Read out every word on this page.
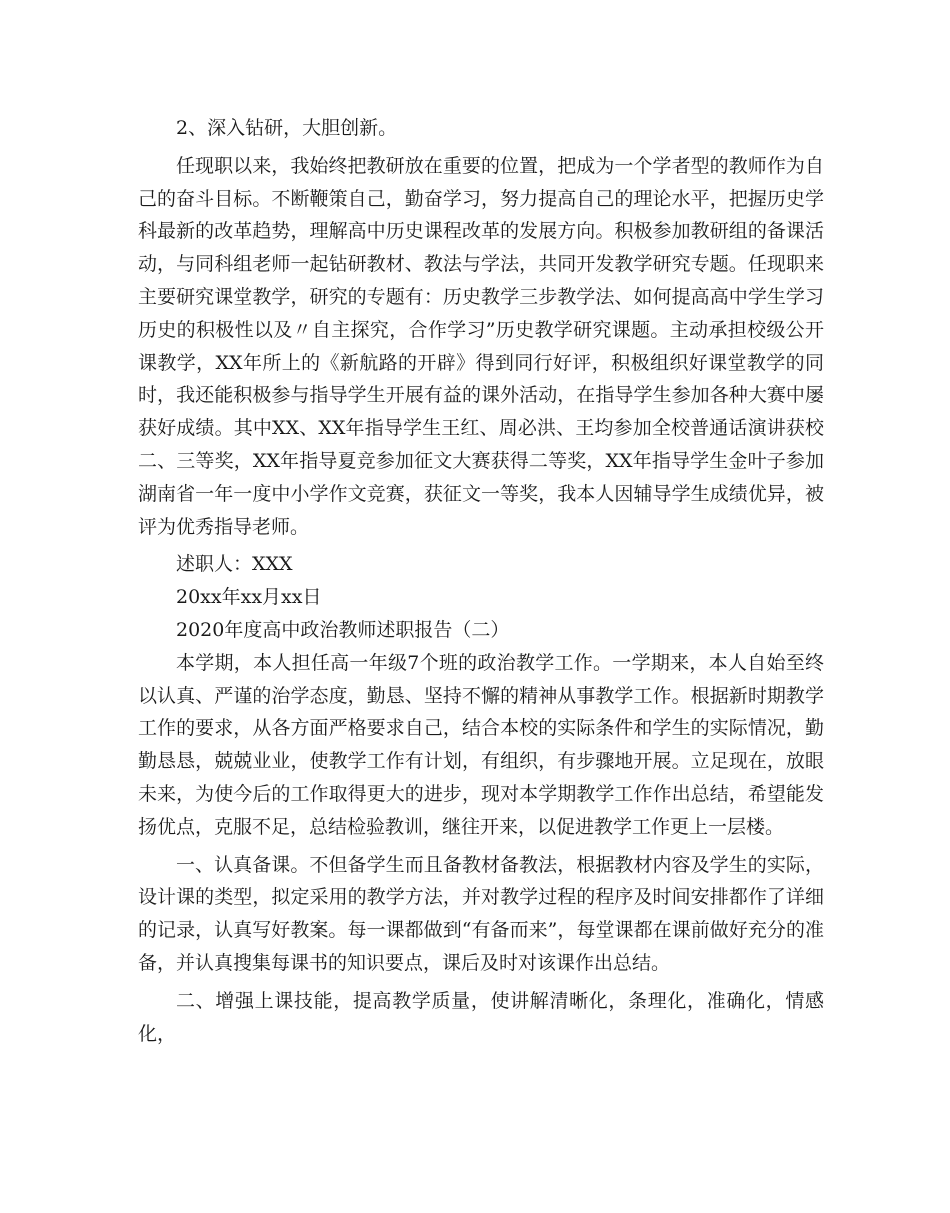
2、深入钻研，大胆创新。

任现职以来，我始终把教研放在重要的位置，把成为一个学者型的教师作为自己的奋斗目标。不断鞭策自己，勤奋学习，努力提高自己的理论水平，把握历史学科最新的改革趋势，理解高中历史课程改革的发展方向。积极参加教研组的备课活动，与同科组老师一起钻研教材、教法与学法，共同开发教学研究专题。任现职来主要研究课堂教学，研究的专题有：历史教学三步教学法、如何提高高中学生学习历史的积极性以及〃自主探究，合作学习”历史教学研究课题。主动承担校级公开课教学，XX年所上的《新航路的开辟》得到同行好评，积极组织好课堂教学的同时，我还能积极参与指导学生开展有益的课外活动，在指导学生参加各种大赛中屡获好成绩。其中XX、XX年指导学生王红、周必洪、王均参加全校普通话演讲获校二、三等奖，XX年指导夏竞参加征文大赛获得二等奖，XX年指导学生金叶子参加湖南省一年一度中小学作文竞赛，获征文一等奖，我本人因辅导学生成绩优异，被评为优秀指导老师。

述职人：XXX

20xx年xx月xx日

2020年度高中政治教师述职报告（二）

本学期，本人担任高一年级7个班的政治教学工作。一学期来，本人自始至终以认真、严谨的治学态度，勤恳、坚持不懈的精神从事教学工作。根据新时期教学工作的要求，从各方面严格要求自己，结合本校的实际条件和学生的实际情况，勤勤恳恳，兢兢业业，使教学工作有计划，有组织，有步骤地开展。立足现在，放眼未来，为使今后的工作取得更大的进步，现对本学期教学工作作出总结，希望能发扬优点，克服不足，总结检验教训，继往开来，以促进教学工作更上一层楼。

一、认真备课。不但备学生而且备教材备教法，根据教材内容及学生的实际，设计课的类型，拟定采用的教学方法，并对教学过程的程序及时间安排都作了详细的记录，认真写好教案。每一课都做到“有备而来”，每堂课都在课前做好充分的准备，并认真搜集每课书的知识要点，课后及时对该课作出总结。

二、增强上课技能，提高教学质量，使讲解清晰化，条理化，准确化，情感化，
